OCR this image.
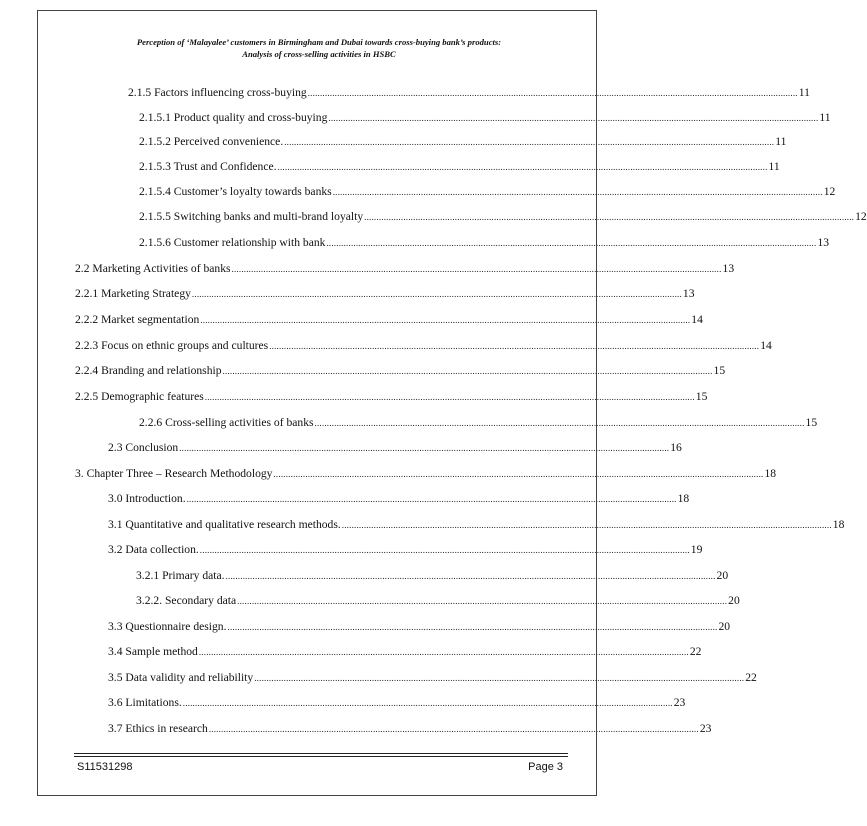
Perception of ‘Malayalee’ customers in Birmingham and Dubai towards cross-buying bank’s products:
Analysis of cross-selling activities in HSBC
2.1.5 Factors influencing cross-buying ........................................................................................................................................................................................................ 11
2.1.5.1 Product quality and cross-buying ........................................................................................................................................................................................................ 11
2.1.5.2 Perceived convenience. ........................................................................................................................................................................................................ 11
2.1.5.3 Trust and Confidence. ........................................................................................................................................................................................................ 11
2.1.5.4 Customer’s loyalty towards banks ........................................................................................................................................................................................................ 12
2.1.5.5 Switching banks and multi-brand loyalty ........................................................................................................................................................................................................ 12
2.1.5.6 Customer relationship with bank ........................................................................................................................................................................................................ 13
2.2 Marketing Activities of banks ........................................................................................................................................................................................................ 13
2.2.1 Marketing Strategy ........................................................................................................................................................................................................ 13
2.2.2 Market segmentation ........................................................................................................................................................................................................ 14
2.2.3 Focus on ethnic groups and cultures ........................................................................................................................................................................................................ 14
2.2.4 Branding and relationship ........................................................................................................................................................................................................ 15
2.2.5 Demographic features ........................................................................................................................................................................................................ 15
2.2.6 Cross-selling activities of banks ........................................................................................................................................................................................................ 15
2.3 Conclusion ........................................................................................................................................................................................................ 16
3. Chapter Three – Research Methodology ........................................................................................................................................................................................................ 18
3.0 Introduction. ........................................................................................................................................................................................................ 18
3.1 Quantitative and qualitative research methods. ........................................................................................................................................................................................................ 18
3.2 Data collection. ........................................................................................................................................................................................................ 19
3.2.1 Primary data. ........................................................................................................................................................................................................ 20
3.2.2. Secondary data ........................................................................................................................................................................................................ 20
3.3 Questionnaire design. ........................................................................................................................................................................................................ 20
3.4 Sample method ........................................................................................................................................................................................................ 22
3.5 Data validity and reliability ........................................................................................................................................................................................................ 22
3.6 Limitations. ........................................................................................................................................................................................................ 23
3.7 Ethics in research ........................................................................................................................................................................................................ 23
S11531298	Page 3
